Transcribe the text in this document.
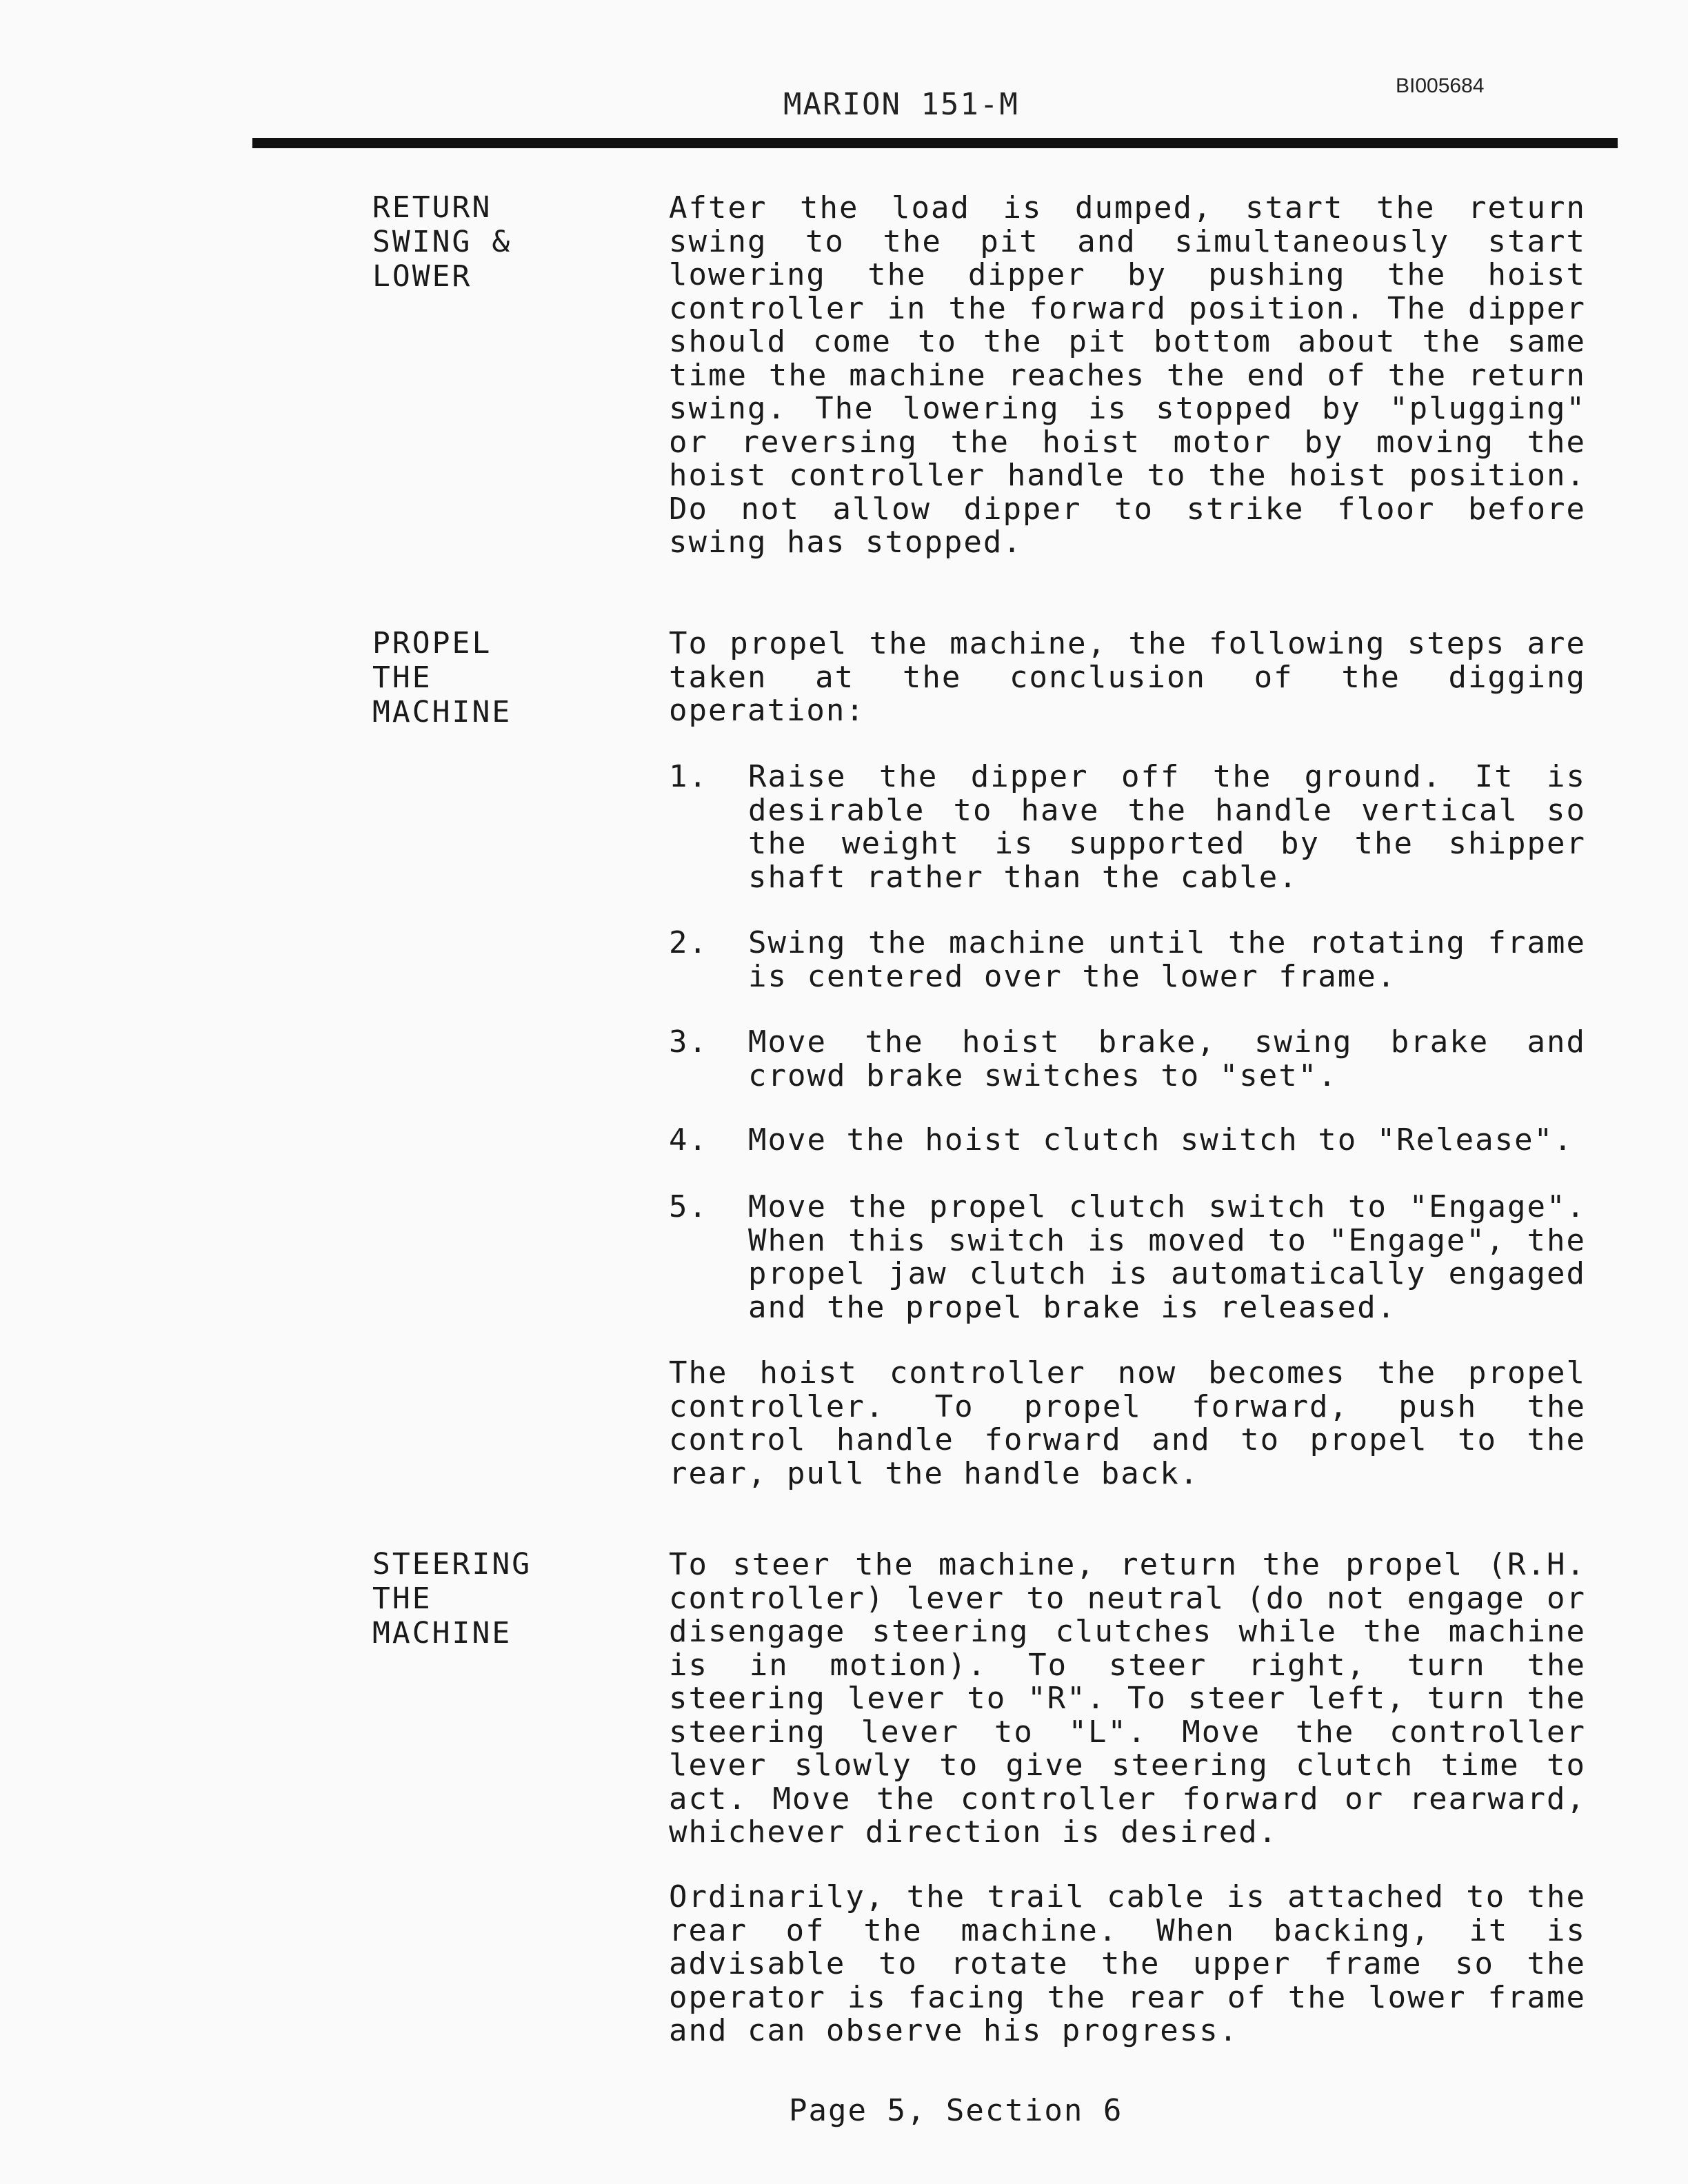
BI005684
MARION 151-M
RETURN
SWING &
LOWER

After the load is dumped, start the return swing to the pit and simultaneously start lowering the dipper by pushing the hoist controller in the forward position. The dipper should come to the pit bottom about the same time the machine reaches the end of the return swing. The lowering is stopped by "plugging" or reversing the hoist motor by moving the hoist controller handle to the hoist position. Do not allow dipper to strike floor before swing has stopped.

PROPEL
THE
MACHINE

To propel the machine, the following steps are taken at the conclusion of the digging operation:

1. Raise the dipper off the ground. It is desirable to have the handle vertical so the weight is supported by the shipper shaft rather than the cable.

2. Swing the machine until the rotating frame is centered over the lower frame.

3. Move the hoist brake, swing brake and crowd brake switches to "set".

4. Move the hoist clutch switch to "Release".

5. Move the propel clutch switch to "Engage". When this switch is moved to "Engage", the propel jaw clutch is automatically engaged and the propel brake is released.

The hoist controller now becomes the propel controller. To propel forward, push the control handle forward and to propel to the rear, pull the handle back.

STEERING
THE
MACHINE

To steer the machine, return the propel (R.H. controller) lever to neutral (do not engage or disengage steering clutches while the machine is in motion). To steer right, turn the steering lever to "R". To steer left, turn the steering lever to "L". Move the controller lever slowly to give steering clutch time to act. Move the controller forward or rearward, whichever direction is desired.

Ordinarily, the trail cable is attached to the rear of the machine. When backing, it is advisable to rotate the upper frame so the operator is facing the rear of the lower frame and can observe his progress.

Page 5, Section 6
